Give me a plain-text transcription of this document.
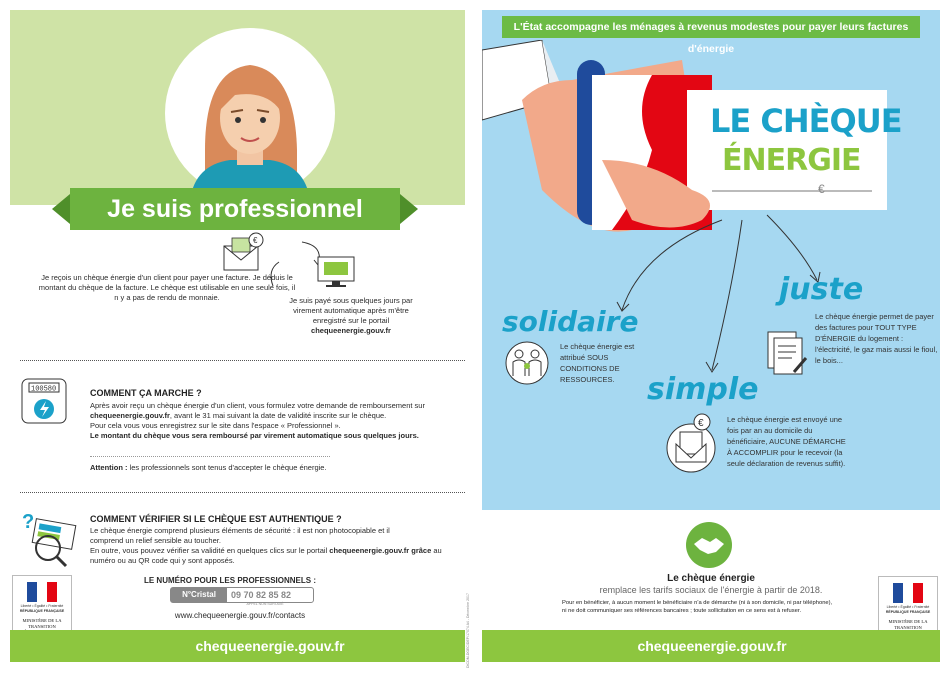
Je suis professionnel
€
Je reçois un chèque énergie d'un client pour payer une facture. Je déduis le montant du chèque de la facture. Le chèque est utilisable en une seule fois, il n y a pas de rendu de monnaie.	Je suis payé sous quelques jours par virement automatique après m'être enregistré sur le portail
chequeenergie.gouv.fr
100580	COMMENT ÇA MARCHE ?
Après avoir reçu un chèque énergie d'un client, vous formulez votre demande de remboursement sur chequeenergie.gouv.fr, avant le 31 mai suivant la date de validité inscrite sur le chèque.
Pour cela vous vous enregistrez sur le site dans l'espace « Professionnel ».
Le montant du chèque vous sera remboursé par virement automatique sous quelques jours.
Attention : les professionnels sont tenus d'accepter le chèque énergie.
?	COMMENT VÉRIFIER SI LE CHÈQUE EST AUTHENTIQUE ?
Le chèque énergie comprend plusieurs éléments de sécurité : il est non photocopiable et il comprend un relief sensible au toucher.
En outre, vous pouvez vérifier sa validité en quelques clics sur le portail chequeenergie.gouv.fr grâce au numéro ou au QR code qui y sont apposés.
Liberté • Égalité • Fraternité
RÉPUBLIQUE FRANÇAISE
MINISTÈRE DE LA TRANSITION
LE NUMÉRO POUR LES PROFESSIONNELS :
N°Cristal	09 70 82 85 82
APPEL NON SURTAXÉ
www.chequeenergie.gouv.fr/contacts	DICOM-DGEC/DEP/17074 A4 - Décembre 2017
chequeenergie.gouv.fr
L'État accompagne les ménages à revenus modestes pour payer leurs factures d'énergie
LE CHÈQUE
ÉNERGIE
€
solidaire
Le chèque énergie est attribué SOUS CONDITIONS DE RESSOURCES.
juste
Le chèque énergie permet de payer des factures pour TOUT TYPE D'ÉNERGIE du logement : l'électricité, le gaz mais aussi le fioul, le bois...
simple
€	Le chèque énergie est envoyé une fois par an au domicile du bénéficiaire, AUCUNE DÉMARCHE À ACCOMPLIR pour le recevoir (la seule déclaration de revenus suffit).
Le chèque énergie
remplace les tarifs sociaux de l'énergie à partir de 2018.
Pour en bénéficier, à aucun moment le bénéficiaire n'a de démarche (ni à son domicile, ni par téléphone),
ni ne doit communiquer ses références bancaires ; toute sollicitation en ce sens est à refuser.
Liberté • Égalité • Fraternité
RÉPUBLIQUE FRANÇAISE
MINISTÈRE DE LA TRANSITION
chequeenergie.gouv.fr
